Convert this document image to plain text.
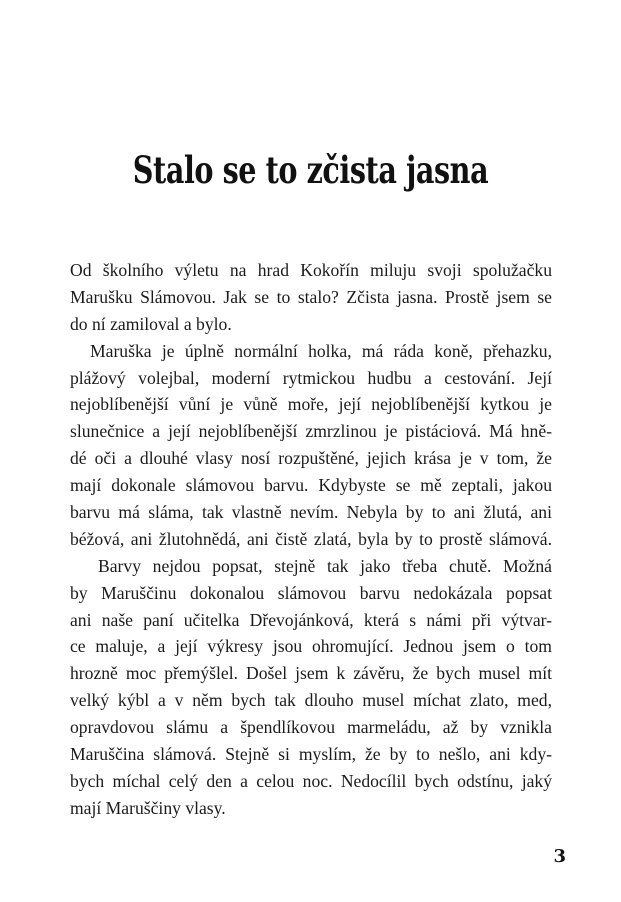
Stalo se to zčista jasna
Od školního výletu na hrad Kokořín miluju svoji spolužačku
Marušku Slámovou. Jak se to stalo? Zčista jasna. Prostě jsem se
do ní zamiloval a bylo.
Maruška je úplně normální holka, má ráda koně, přehazku,
plážový volejbal, moderní rytmickou hudbu a cestování. Její
nejoblíbenější vůní je vůně moře, její nejoblíbenější kytkou je
slunečnice a její nejoblíbenější zmrzlinou je pistáciová. Má hně-
dé oči a dlouhé vlasy nosí rozpuštěné, jejich krása je v tom, že
mají dokonale slámovou barvu. Kdybyste se mě zeptali, jakou
barvu má sláma, tak vlastně nevím. Nebyla by to ani žlutá, ani
béžová, ani žlutohnědá, ani čistě zlatá, byla by to prostě slámová.
Barvy nejdou popsat, stejně tak jako třeba chutě. Možná
by Maruščinu dokonalou slámovou barvu nedokázala popsat
ani naše paní učitelka Dřevojánková, která s námi při výtvar-
ce maluje, a její výkresy jsou ohromující. Jednou jsem o tom
hrozně moc přemýšlel. Došel jsem k závěru, že bych musel mít
velký kýbl a v něm bych tak dlouho musel míchat zlato, med,
opravdovou slámu a špendlíkovou marmeládu, až by vznikla
Maruščina slámová. Stejně si myslím, že by to nešlo, ani kdy-
bych míchal celý den a celou noc. Nedocílil bych odstínu, jaký
mají Maruščiny vlasy.
3
